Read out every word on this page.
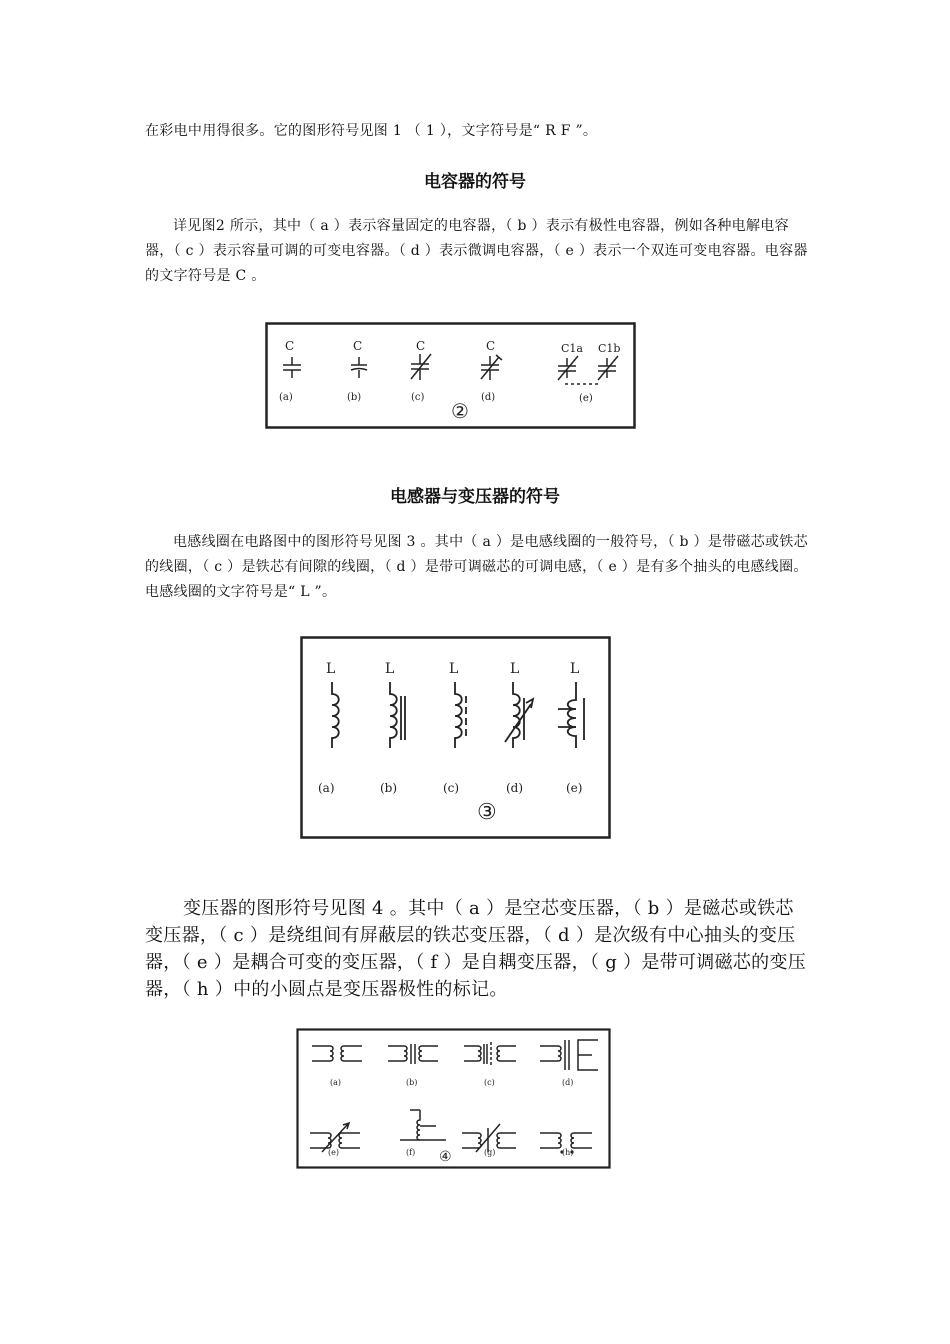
在彩电中用得很多。它的图形符号见图 1 （ 1 ），文字符号是“ R F ”。

电容器的符号

详见图2 所示，其中（ a ）表示容量固定的电容器，（ b ）表示有极性电容器，例如各种电解电容器，（ c ）表示容量可调的可变电容器。（ d ）表示微调电容器，（ e ）表示一个双连可变电容器。电容器的文字符号是 C 。

C	C	C	C	C1a C1b
(a)	(b)	(c)	(d)	(e)
②
电感器与变压器的符号

电感线圈在电路图中的图形符号见图 3 。其中（ a ）是电感线圈的一般符号，（ b ）是带磁芯或铁芯的线圈，（ c ）是铁芯有间隙的线圈，（ d ）是带可调磁芯的可调电感，（ e ）是有多个抽头的电感线圈。电感线圈的文字符号是“ L ”。

L	L	L	L	L
(a)	(b)	(c)	(d)	(e)
③

变压器的图形符号见图 4 。其中（ a ）是空芯变压器，（ b ）是磁芯或铁芯变压器，（ c ）是绕组间有屏蔽层的铁芯变压器，（ d ）是次级有中心抽头的变压器，（ e ）是耦合可变的变压器，（ f ）是自耦变压器，（ g ）是带可调磁芯的变压器，（ h ）中的小圆点是变压器极性的标记。

(a)	(b)	(c)	(d)
(e)	(f)	(g)	(h)
④
